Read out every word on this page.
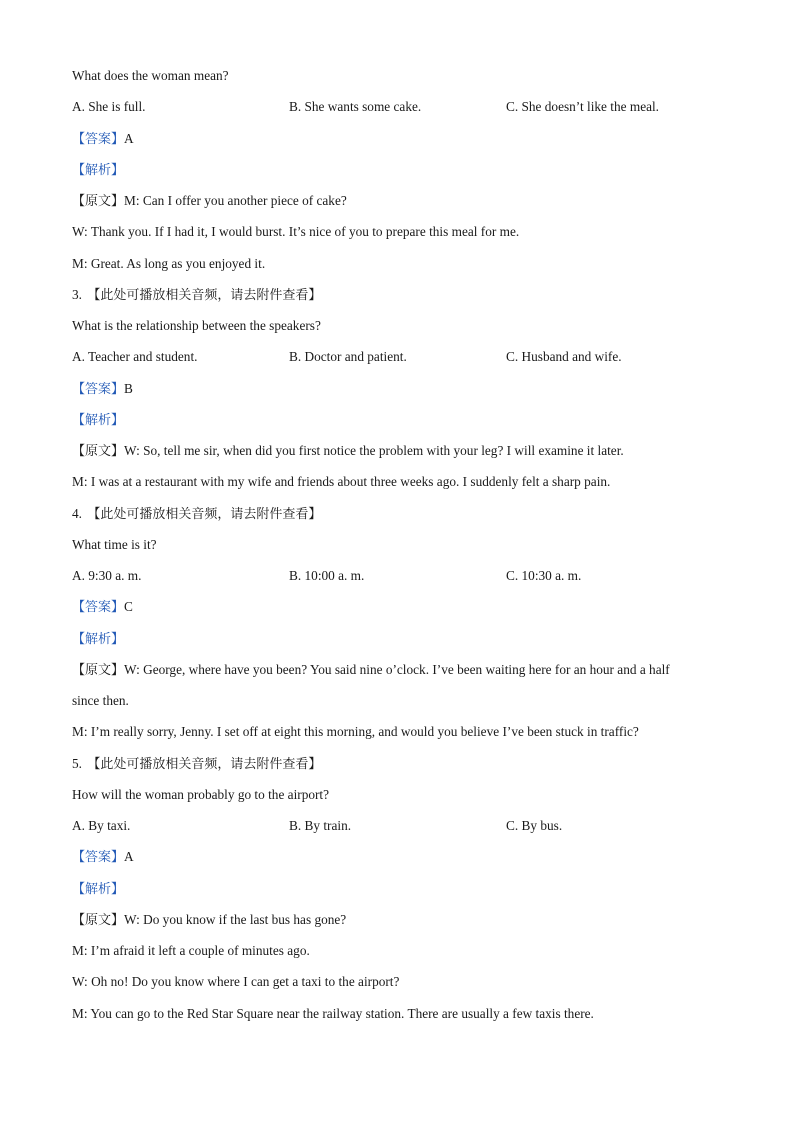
What does the woman mean?
A. She is full.	B. She wants some cake.	C. She doesn’t like the meal.
【答案】A
【解析】
【原文】M: Can I offer you another piece of cake?
W: Thank you. If I had it, I would burst. It’s nice of you to prepare this meal for me.
M: Great. As long as you enjoyed it.
3. 【此处可播放相关音频，请去附件查看】
What is the relationship between the speakers?
A. Teacher and student.	B. Doctor and patient.	C. Husband and wife.
【答案】B
【解析】
【原文】W: So, tell me sir, when did you first notice the problem with your leg? I will examine it later.
M: I was at a restaurant with my wife and friends about three weeks ago. I suddenly felt a sharp pain.
4. 【此处可播放相关音频，请去附件查看】
What time is it?
A. 9:30 a. m.	B. 10:00 a. m.	C. 10:30 a. m.
【答案】C
【解析】
【原文】W: George, where have you been? You said nine o’clock. I’ve been waiting here for an hour and a half
since then.
M: I’m really sorry, Jenny. I set off at eight this morning, and would you believe I’ve been stuck in traffic?
5. 【此处可播放相关音频，请去附件查看】
How will the woman probably go to the airport?
A. By taxi.	B. By train.	C. By bus.
【答案】A
【解析】
【原文】W: Do you know if the last bus has gone?
M: I’m afraid it left a couple of minutes ago.
W: Oh no! Do you know where I can get a taxi to the airport?
M: You can go to the Red Star Square near the railway station. There are usually a few taxis there.
